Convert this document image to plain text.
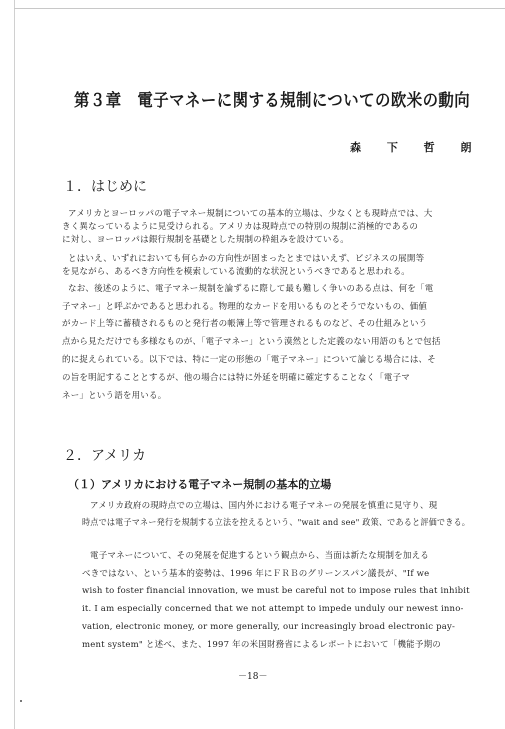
第３章　電子マネーに関する規制についての欧米の動向
森 下 哲 朗
１．はじめに
アメリカとヨーロッパの電子マネー規制についての基本的立場は、少なくとも現時点では、大
きく異なっているように見受けられる。アメリカは現時点での特別の規制に消極的であるの
に対し、ヨーロッパは銀行規制を基礎とした規制の枠組みを設けている。
とはいえ、いずれにおいても何らかの方向性が固まったとまではいえず、ビジネスの展開等
を見ながら、あるべき方向性を模索している流動的な状況というべきであると思われる。
なお、後述のように、電子マネー規制を論ずるに際して最も難しく争いのある点は、何を「電
子マネー」と呼ぶかであると思われる。物理的なカードを用いるものとそうでないもの、価値
がカード上等に蓄積されるものと発行者の帳簿上等で管理されるものなど、その仕組みという
点から見ただけでも多様なものが、「電子マネー」という漠然とした定義のない用語のもとで包括
的に捉えられている。以下では、特に一定の形態の「電子マネー」について論じる場合には、そ
の旨を明記することとするが、他の場合には特に外延を明確に確定することなく「電子マ
ネー」という語を用いる。
２．アメリカ
（１）アメリカにおける電子マネー規制の基本的立場
アメリカ政府の現時点での立場は、国内外における電子マネーの発展を慎重に見守り、現
時点では電子マネー発行を規制する立法を控えるという、"wait and see" 政策、であると評価できる。
電子マネーについて、その発展を促進するという観点から、当面は新たな規制を加える
べきではない、という基本的姿勢は、1996 年にＦＲＢのグリーンスパン議長が、"If we
wish to foster financial innovation, we must be careful not to impose rules that inhibit
it. I am especially concerned that we not attempt to impede unduly our newest inno-
vation, electronic money, or more generally, our increasingly broad electronic pay-
ment system" と述べ、また、1997 年の米国財務省によるレポートにおいて「機能予期の
－18－
